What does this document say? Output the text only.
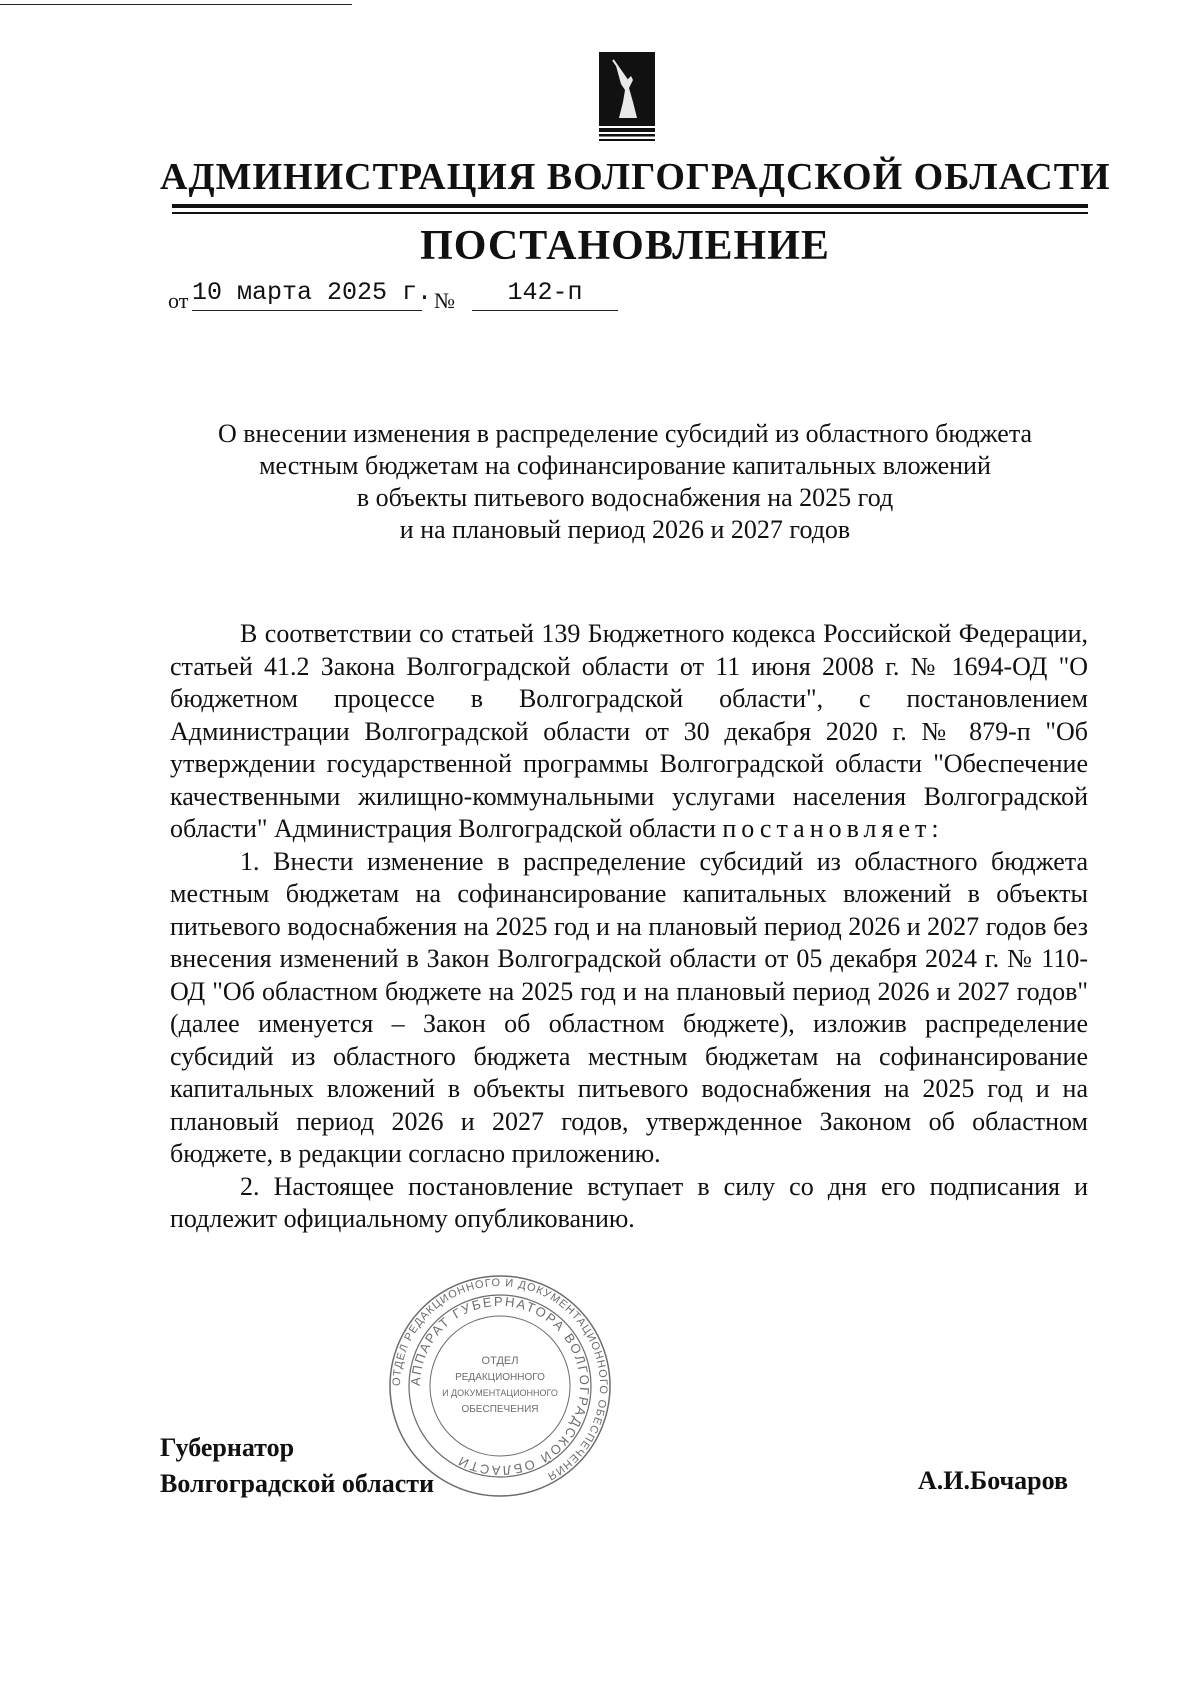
АДМИНИСТРАЦИЯ ВОЛГОГРАДСКОЙ ОБЛАСТИ
ПОСТАНОВЛЕНИЕ
от 10 марта 2025 г. №	142-п
О внесении изменения в распределение субсидий из областного бюджета
местным бюджетам на софинансирование капитальных вложений
в объекты питьевого водоснабжения на 2025 год
и на плановый период 2026 и 2027 годов

В соответствии со статьей 139 Бюджетного кодекса Российской Федерации, статьей 41.2 Закона Волгоградской области от 11 июня 2008 г. № 1694-ОД "О бюджетном процессе в Волгоградской области", с постановлением Администрации Волгоградской области от 30 декабря 2020 г. № 879-п "Об утверждении государственной программы Волгоградской области "Обеспечение качественными жилищно-коммунальными услугами населения Волгоградской области" Администрация Волгоградской области постановляет:

1. Внести изменение в распределение субсидий из областного бюджета местным бюджетам на софинансирование капитальных вложений в объекты питьевого водоснабжения на 2025 год и на плановый период 2026 и 2027 годов без внесения изменений в Закон Волгоградской области от 05 декабря 2024 г. № 110-ОД "Об областном бюджете на 2025 год и на плановый период 2026 и 2027 годов" (далее именуется – Закон об областном бюджете), изложив распределение субсидий из областного бюджета местным бюджетам на софинансирование капитальных вложений в объекты питьевого водоснабжения на 2025 год и на плановый период 2026 и 2027 годов, утвержденное Законом об областном бюджете, в редакции согласно приложению.

2. Настоящее постановление вступает в силу со дня его подписания и подлежит официальному опубликованию.

Губернатор
Волгоградской области	А.И.Бочаров
ОТДЕЛ РЕДАКЦИОННОГО И ДОКУМЕНТАЦИОННОГО ОБЕСПЕЧЕНИЯ
АППАРАТ ГУБЕРНАТОРА ВОЛГОГРАДСКОЙ ОБЛАСТИ
ОТДЕЛ
РЕДАКЦИОННОГО
И ДОКУМЕНТАЦИОННОГО
ОБЕСПЕЧЕНИЯ
